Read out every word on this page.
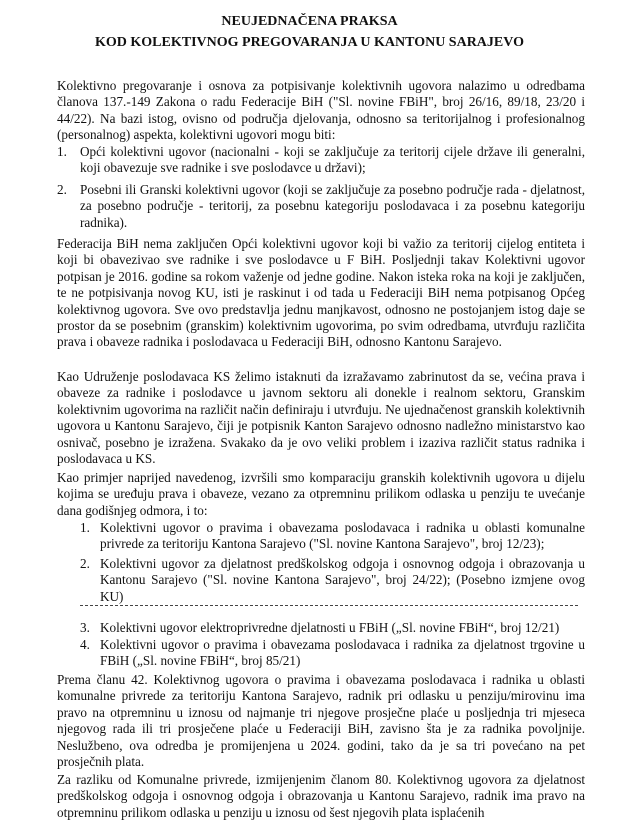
NEUJEDNAČENA PRAKSA
KOD KOLEKTIVNOG PREGOVARANJA U KANTONU SARAJEVO

Kolektivno pregovaranje i osnova za potpisivanje kolektivnih ugovora nalazimo u odredbama članova 137.-149 Zakona o radu Federacije BiH ("Sl. novine FBiH", broj 26/16, 89/18, 23/20 i 44/22). Na bazi istog, ovisno od područja djelovanja, odnosno sa teritorijalnog i profesionalnog (personalnog) aspekta, kolektivni ugovori mogu biti:

1. Opći kolektivni ugovor (nacionalni - koji se zaključuje za teritorij cijele države ili generalni, koji obavezuje sve radnike i sve poslodavce u državi);

2. Posebni ili Granski kolektivni ugovor (koji se zaključuje za posebno područje rada - djelatnost, za posebno područje - teritorij, za posebnu kategoriju poslodavaca i za posebnu kategoriju radnika).

Federacija BiH nema zaključen Opći kolektivni ugovor koji bi važio za teritorij cijelog entiteta i koji bi obavezivao sve radnike i sve poslodavce u F BiH. Posljednji takav Kolektivni ugovor potpisan je 2016. godine sa rokom važenje od jedne godine. Nakon isteka roka na koji je zaključen, te ne potpisivanja novog KU, isti je raskinut i od tada u Federaciji BiH nema potpisanog Općeg kolektivnog ugovora. Sve ovo predstavlja jednu manjkavost, odnosno ne postojanjem istog daje se prostor da se posebnim (granskim) kolektivnim ugovorima, po svim odredbama, utvrđuju različita prava i obaveze radnika i poslodavaca u Federaciji BiH, odnosno Kantonu Sarajevo.

Kao Udruženje poslodavaca KS želimo istaknuti da izražavamo zabrinutost da se, većina prava i obaveze za radnike i poslodavce u javnom sektoru ali donekle i realnom sektoru, Granskim kolektivnim ugovorima na različit način definiraju i utvrđuju. Ne ujednačenost granskih kolektivnih ugovora u Kantonu Sarajevo, čiji je potpisnik Kanton Sarajevo odnosno nadležno ministarstvo kao osnivač, posebno je izražena. Svakako da je ovo veliki problem i izaziva različit status radnika i poslodavaca u KS.

Kao primjer naprijed navedenog, izvršili smo komparaciju granskih kolektivnih ugovora u dijelu kojima se uređuju prava i obaveze, vezano za otpremninu prilikom odlaska u penziju te uvećanje dana godišnjeg odmora, i to:

1. Kolektivni ugovor o pravima i obavezama poslodavaca i radnika u oblasti komunalne privrede za teritoriju Kantona Sarajevo ("Sl. novine Kantona Sarajevo", broj 12/23);

2. Kolektivni ugovor za djelatnost predškolskog odgoja i osnovnog odgoja i obrazovanja u Kantonu Sarajevo ("Sl. novine Kantona Sarajevo", broj 24/22); (Posebno izmjene ovog KU)

3. Kolektivni ugovor elektroprivredne djelatnosti u FBiH („Sl. novine FBiH“, broj 12/21)

4. Kolektivni ugovor o pravima i obavezama poslodavaca i radnika za djelatnost trgovine u FBiH („Sl. novine FBiH“, broj 85/21)

Prema članu 42. Kolektivnog ugovora o pravima i obavezama poslodavaca i radnika u oblasti komunalne privrede za teritoriju Kantona Sarajevo, radnik pri odlasku u penziju/mirovinu ima pravo na otpremninu u iznosu od najmanje tri njegove prosječne plaće u posljednja tri mjeseca njegovog rada ili tri prosječene plaće u Federaciji BiH, zavisno šta je za radnika povoljnije. Neslužbeno, ova odredba je promijenjena u 2024. godini, tako da je sa tri povećano na pet prosječnih plata.

Za razliku od Komunalne privrede, izmijenjenim članom 80. Kolektivnog ugovora za djelatnost predškolskog odgoja i osnovnog odgoja i obrazovanja u Kantonu Sarajevo, radnik ima pravo na otpremninu prilikom odlaska u penziju u iznosu od šest njegovih plata isplaćenih
